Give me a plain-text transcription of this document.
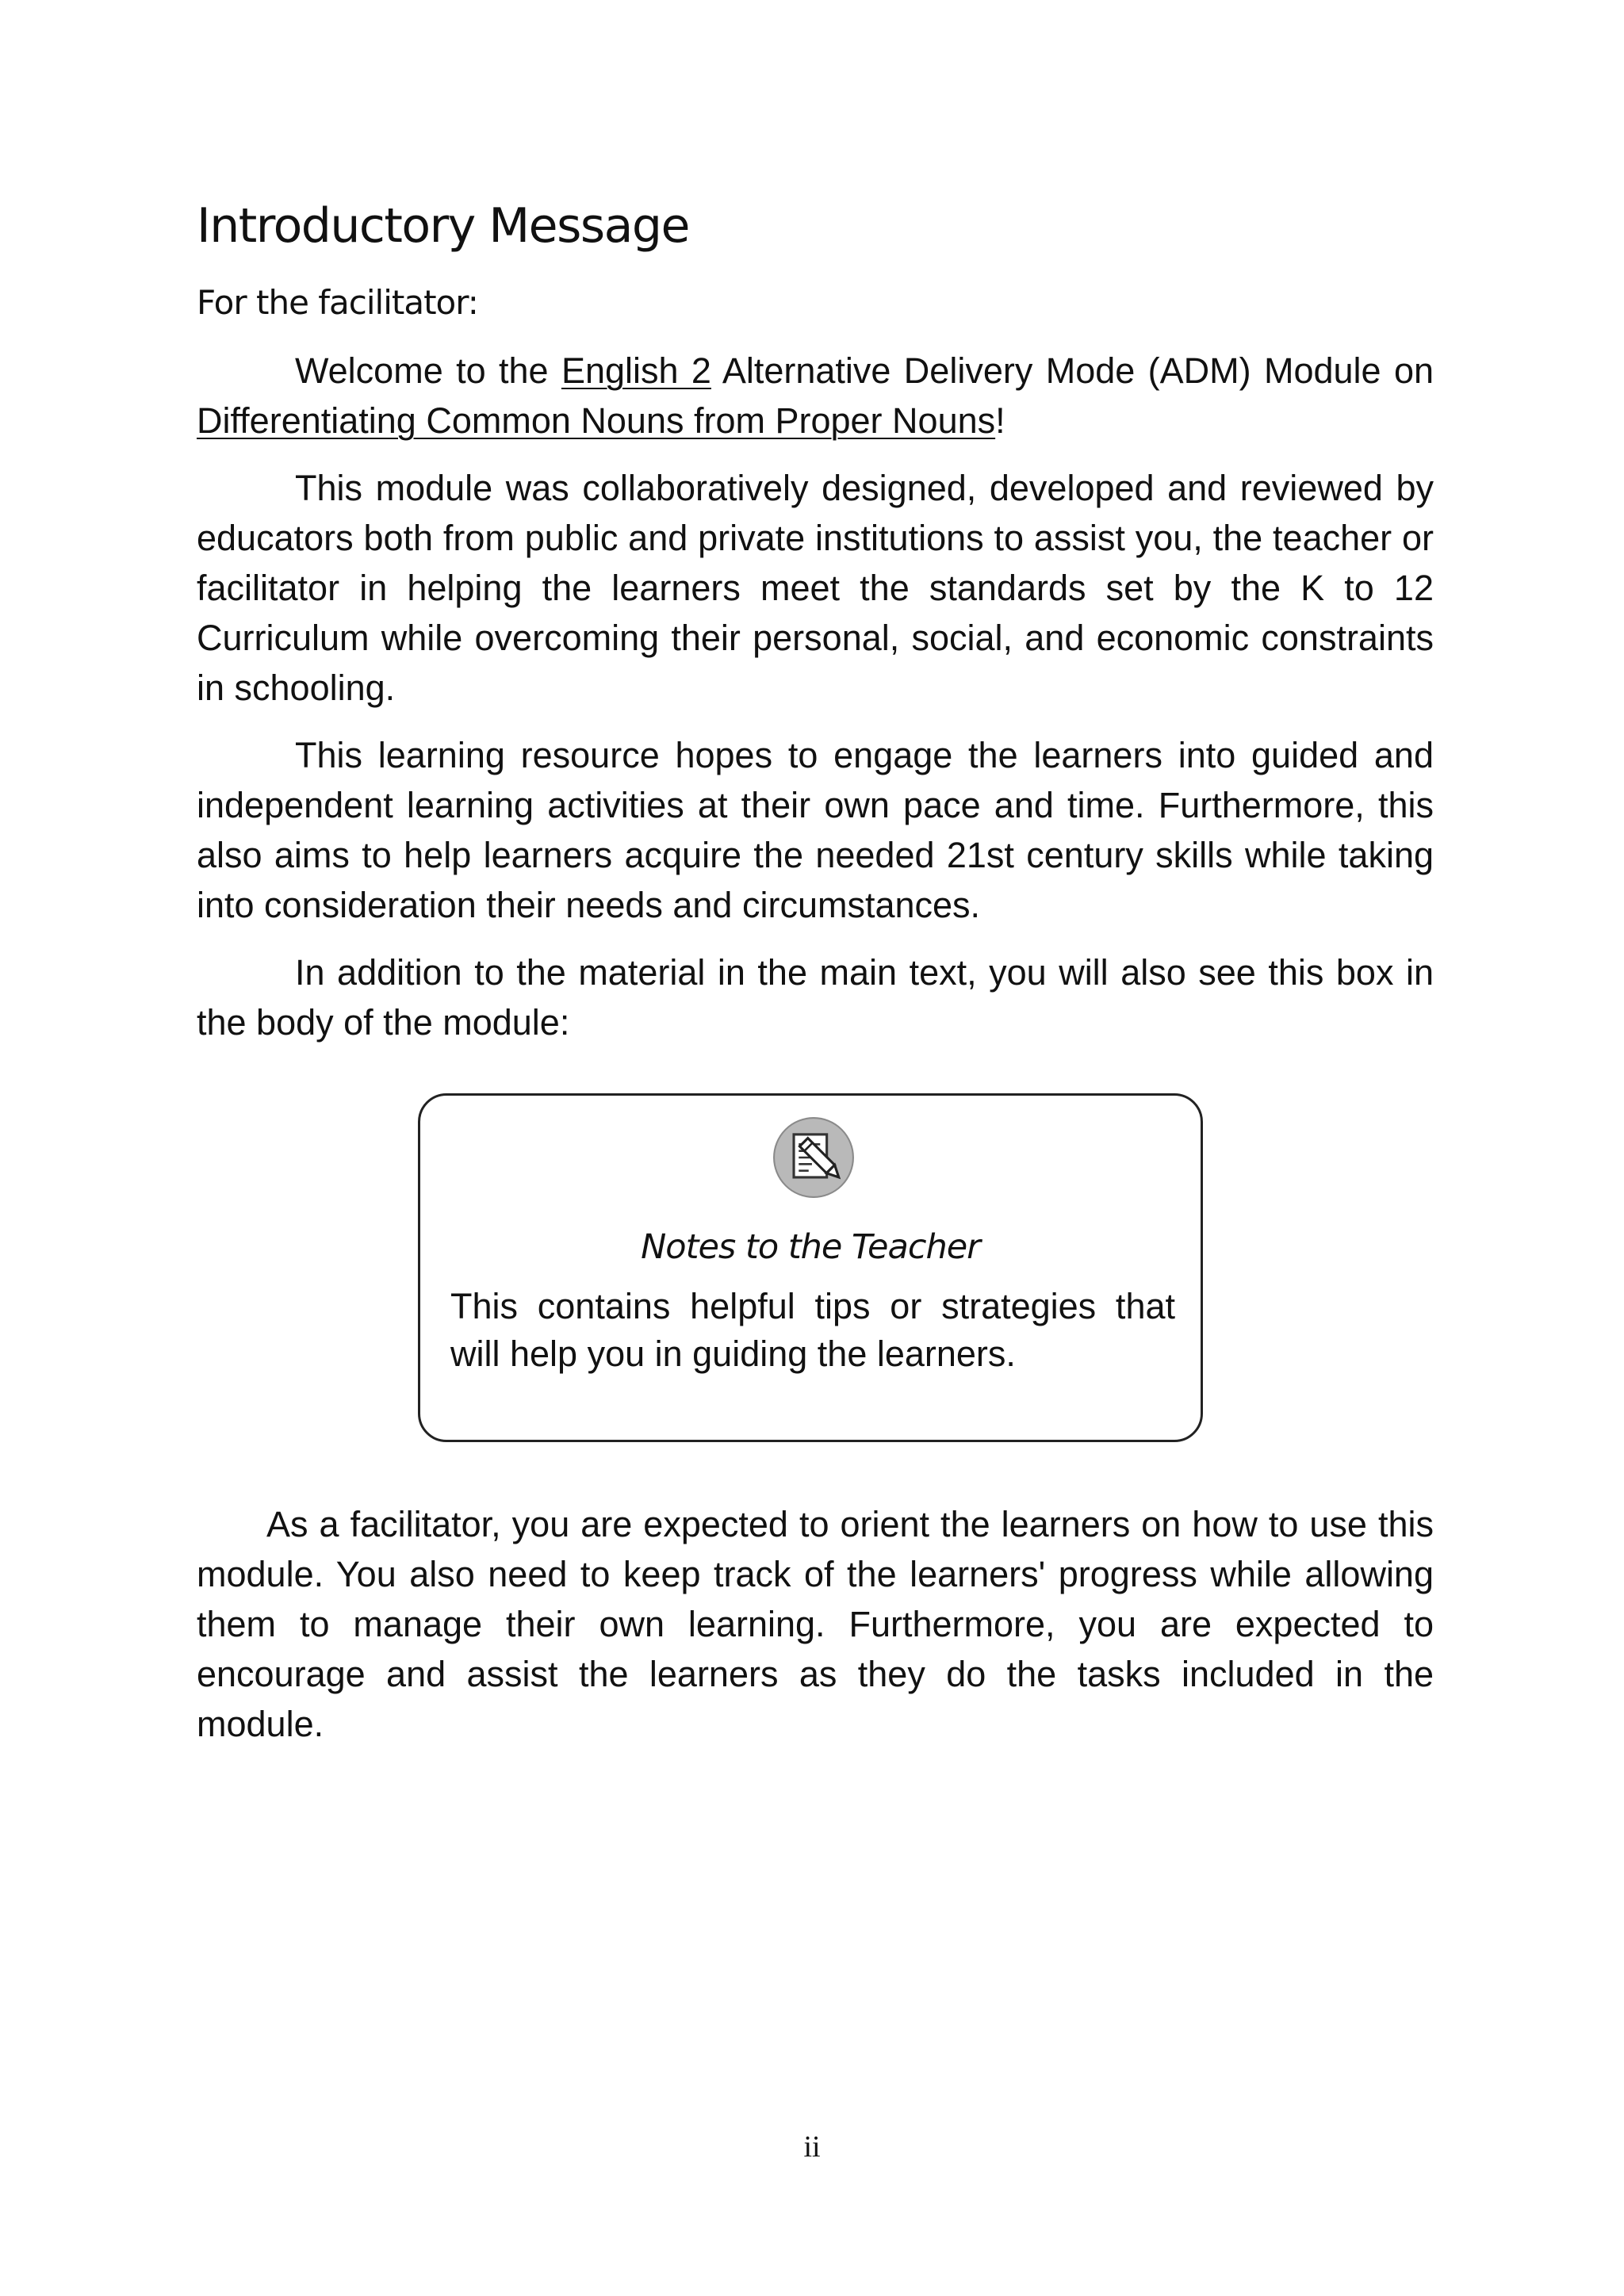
Introductory Message
For the facilitator:

Welcome to the English 2 Alternative Delivery Mode (ADM) Module on Differentiating Common Nouns from Proper Nouns!

This module was collaboratively designed, developed and reviewed by educators both from public and private institutions to assist you, the teacher or facilitator in helping the learners meet the standards set by the K to 12 Curriculum while overcoming their personal, social, and economic constraints in schooling.

This learning resource hopes to engage the learners into guided and independent learning activities at their own pace and time. Furthermore, this also aims to help learners acquire the needed 21st century skills while taking into consideration their needs and circumstances.

In addition to the material in the main text, you will also see this box in the body of the module:

Notes to the Teacher

This contains helpful tips or strategies that will help you in guiding the learners.

As a facilitator, you are expected to orient the learners on how to use this module. You also need to keep track of the learners' progress while allowing them to manage their own learning. Furthermore, you are expected to encourage and assist the learners as they do the tasks included in the module.

ii
